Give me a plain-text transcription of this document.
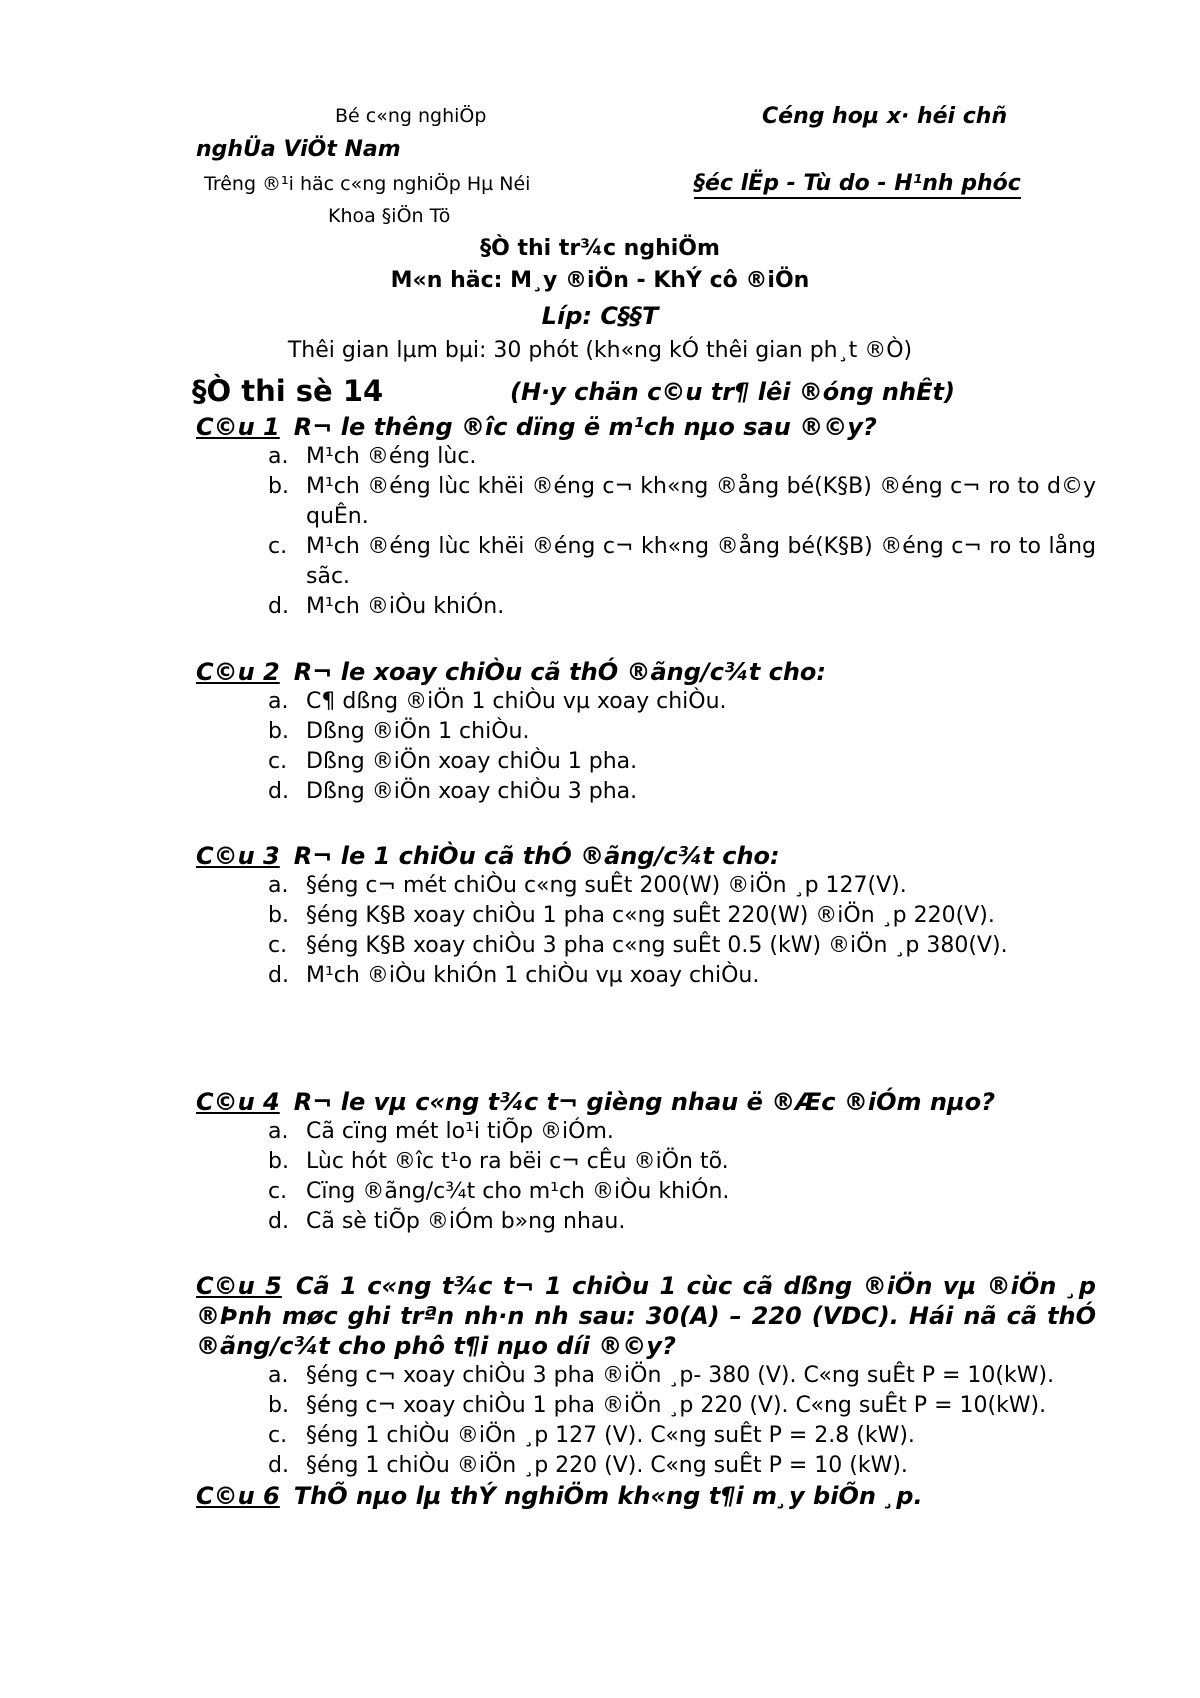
Bé c«ng nghiÖp	Céng hoµ x· héi chñ
nghÜa ViÖt Nam
Trêng ®¹i häc c«ng nghiÖp Hµ Néi	§éc lËp - Tù do - H¹nh phóc
Khoa §iÖn Tö
§Ò thi tr¾c nghiÖm
M«n häc: M¸y ®iÖn - KhÝ cô ®iÖn
Líp: C§§T
Thêi gian lµm bµi: 30 phót (kh«ng kÓ thêi gian ph¸t ®Ò)
§Ò thi sè 14	(H·y chän c©u tr¶ lêi ®óng nhÊt)

C©u 1 R¬ le thêng ®îc dïng ë m¹ch nµo sau ®©y?

a. M¹ch ®éng lùc.
b. M¹ch ®éng lùc khëi ®éng c¬ kh«ng ®ång bé(K§B) ®éng c¬ ro to d©y quÊn.
c. M¹ch ®éng lùc khëi ®éng c¬ kh«ng ®ång bé(K§B) ®éng c¬ ro to lång sãc.
d. M¹ch ®iÒu khiÓn.

C©u 2 R¬ le xoay chiÒu cã thÓ ®ãng/c¾t cho:

a. C¶ dßng ®iÖn 1 chiÒu vµ xoay chiÒu.
b. Dßng ®iÖn 1 chiÒu.
c. Dßng ®iÖn xoay chiÒu 1 pha.
d. Dßng ®iÖn xoay chiÒu 3 pha.

C©u 3 R¬ le 1 chiÒu cã thÓ ®ãng/c¾t cho:

a. §éng c¬ mét chiÒu c«ng suÊt 200(W) ®iÖn ¸p 127(V).
b. §éng K§B xoay chiÒu 1 pha c«ng suÊt 220(W) ®iÖn ¸p 220(V).
c. §éng K§B xoay chiÒu 3 pha c«ng suÊt 0.5 (kW) ®iÖn ¸p 380(V).
d. M¹ch ®iÒu khiÓn 1 chiÒu vµ xoay chiÒu.

C©u 4 R¬ le vµ c«ng t¾c t¬ gièng nhau ë ®Æc ®iÓm nµo?

a. Cã cïng mét lo¹i tiÕp ®iÓm.
b. Lùc hót ®îc t¹o ra bëi c¬ cÊu ®iÖn tõ.
c. Cïng ®ãng/c¾t cho m¹ch ®iÒu khiÓn.
d. Cã sè tiÕp ®iÓm b»ng nhau.

C©u 5 Cã 1 c«ng t¾c t¬ 1 chiÒu 1 cùc cã dßng ®iÖn vµ ®iÖn ¸p ®Þnh møc ghi trªn nh·n nh sau: 30(A) – 220 (VDC). Hái nã cã thÓ ®ãng/c¾t cho phô t¶i nµo díi ®©y?

a. §éng c¬ xoay chiÒu 3 pha ®iÖn ¸p- 380 (V). C«ng suÊt P = 10(kW).
b. §éng c¬ xoay chiÒu 1 pha ®iÖn ¸p 220 (V). C«ng suÊt P = 10(kW).
c. §éng 1 chiÒu ®iÖn ¸p 127 (V). C«ng suÊt P = 2.8 (kW).
d. §éng 1 chiÒu ®iÖn ¸p 220 (V). C«ng suÊt P = 10 (kW).

C©u 6 ThÕ nµo lµ thÝ nghiÖm kh«ng t¶i m¸y biÕn ¸p.
